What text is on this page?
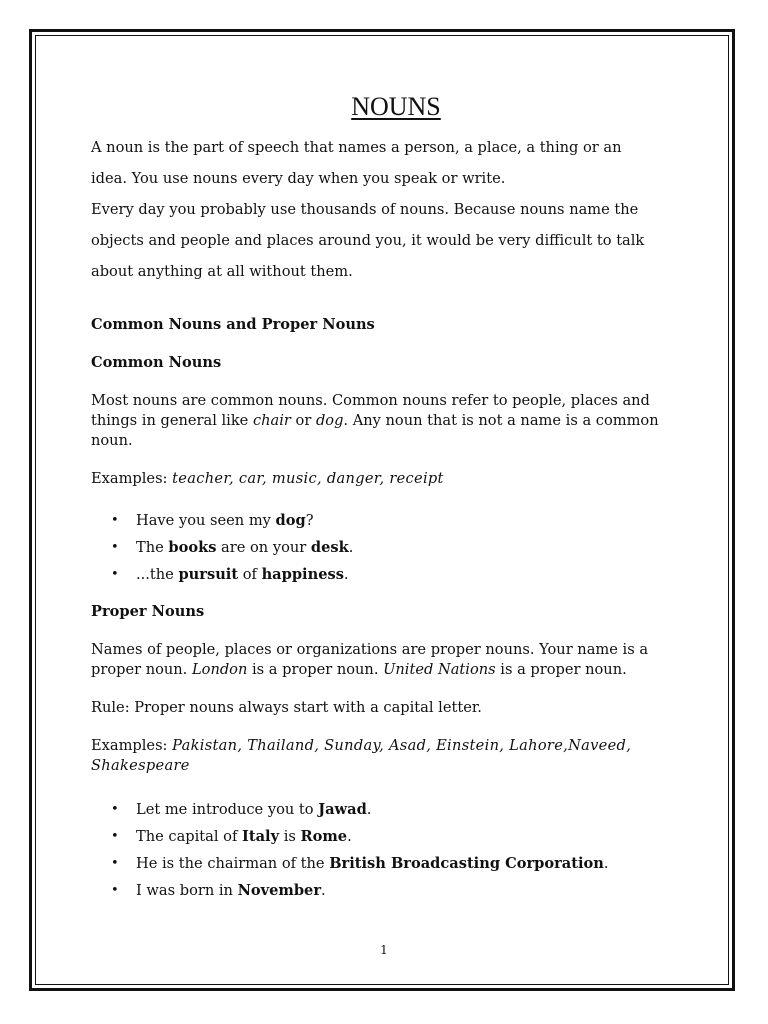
NOUNS

A noun is the part of speech that names a person, a place, a thing or an

idea. You use nouns every day when you speak or write.

Every day you probably use thousands of nouns. Because nouns name the

objects and people and places around you, it would be very difficult to talk

about anything at all without them.

Common Nouns and Proper Nouns

Common Nouns

Most nouns are common nouns. Common nouns refer to people, places and things in general like chair or dog. Any noun that is not a name is a common noun.

Examples: teacher, car, music, danger, receipt

• Have you seen my dog?
• The books are on your desk.
• ...the pursuit of happiness.

Proper Nouns

Names of people, places or organizations are proper nouns. Your name is a proper noun. London is a proper noun. United Nations is a proper noun.

Rule: Proper nouns always start with a capital letter.

Examples: Pakistan, Thailand, Sunday, Asad, Einstein, Lahore,Naveed, Shakespeare

• Let me introduce you to Jawad.
• The capital of Italy is Rome.
• He is the chairman of the British Broadcasting Corporation.
• I was born in November.
1
